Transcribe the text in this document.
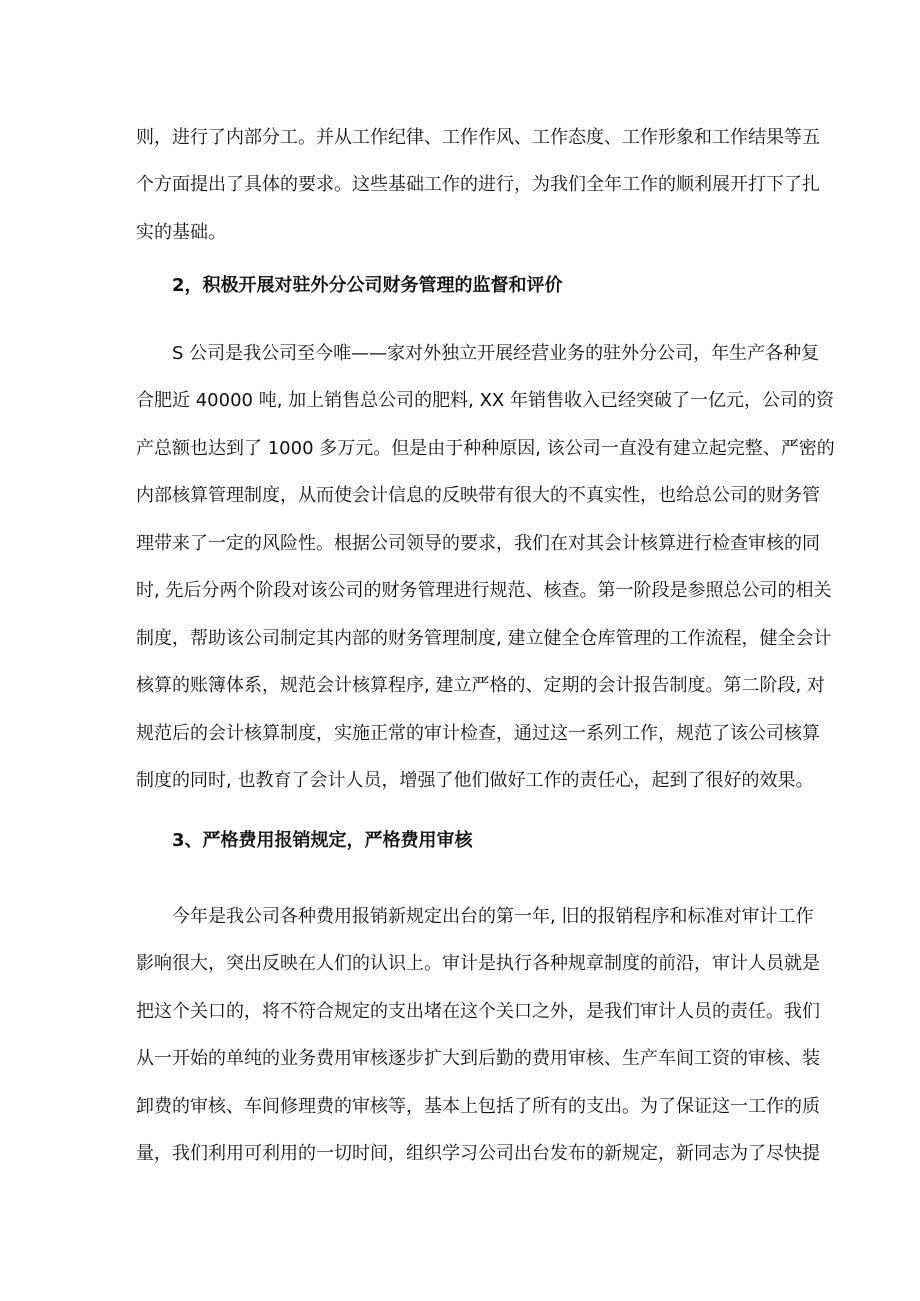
则，进行了内部分工。并从工作纪律、工作作风、工作态度、工作形象和工作结果等五
个方面提出了具体的要求。这些基础工作的进行，为我们全年工作的顺利展开打下了扎
实的基础。
2，积极开展对驻外分公司财务管理的监督和评价
S 公司是我公司至今唯——家对外独立开展经营业务的驻外分公司，年生产各种复
合肥近 40000 吨, 加上销售总公司的肥料, XX 年销售收入已经突破了一亿元，公司的资
产总额也达到了 1000 多万元。但是由于种种原因, 该公司一直没有建立起完整、严密的
内部核算管理制度，从而使会计信息的反映带有很大的不真实性，也给总公司的财务管
理带来了一定的风险性。根据公司领导的要求，我们在对其会计核算进行检查审核的同
时, 先后分两个阶段对该公司的财务管理进行规范、核查。第一阶段是参照总公司的相关
制度，帮助该公司制定其内部的财务管理制度, 建立健全仓库管理的工作流程，健全会计
核算的账簿体系，规范会计核算程序, 建立严格的、定期的会计报告制度。第二阶段, 对
规范后的会计核算制度，实施正常的审计检查，通过这一系列工作，规范了该公司核算
制度的同时, 也教育了会计人员，增强了他们做好工作的责任心，起到了很好的效果。
3、严格费用报销规定，严格费用审核
今年是我公司各种费用报销新规定出台的第一年, 旧的报销程序和标准对审计工作
影响很大，突出反映在人们的认识上。审计是执行各种规章制度的前沿，审计人员就是
把这个关口的，将不符合规定的支出堵在这个关口之外，是我们审计人员的责任。我们
从一开始的单纯的业务费用审核逐步扩大到后勤的费用审核、生产车间工资的审核、装
卸费的审核、车间修理费的审核等，基本上包括了所有的支出。为了保证这一工作的质
量，我们利用可利用的一切时间，组织学习公司出台发布的新规定，新同志为了尽快提
